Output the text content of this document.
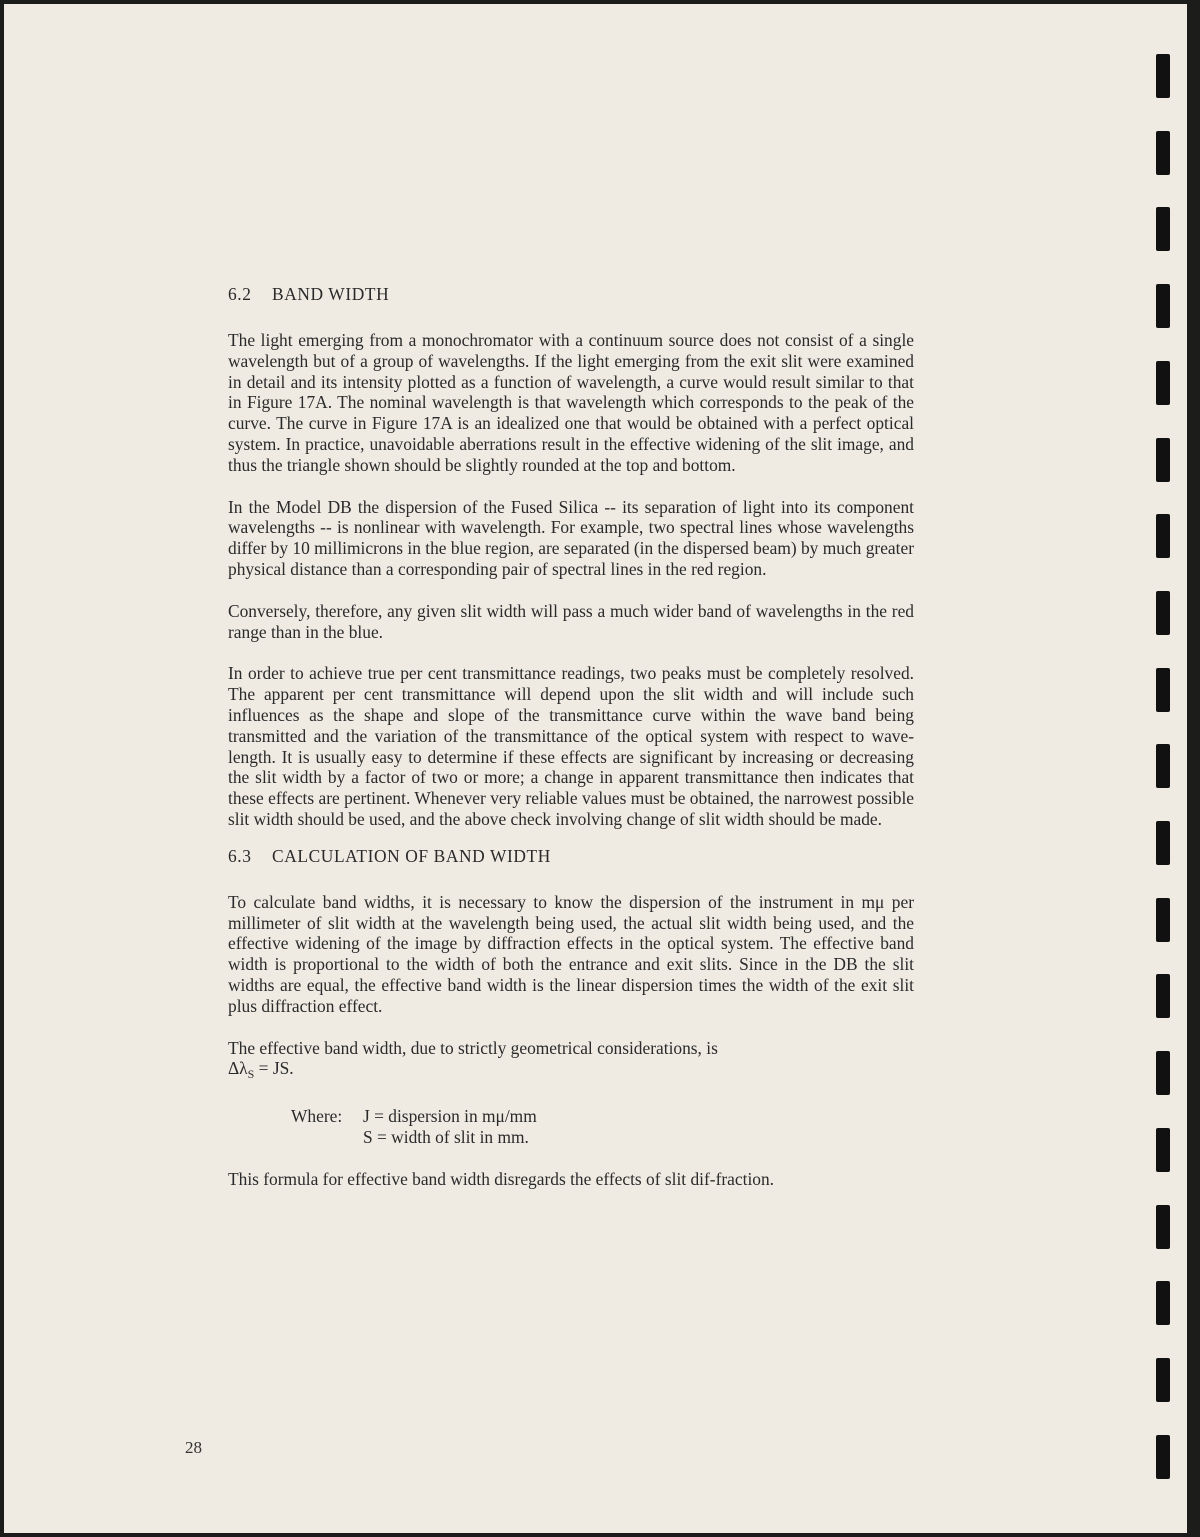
6.2 BAND WIDTH

The light emerging from a monochromator with a continuum source does not consist of a single wavelength but of a group of wavelengths. If the light emerging from the exit slit were examined in detail and its intensity plotted as a function of wavelength, a curve would result similar to that in Figure 17A. The nominal wavelength is that wavelength which corresponds to the peak of the curve. The curve in Figure 17A is an idealized one that would be obtained with a perfect optical system. In practice, unavoidable aberrations result in the effective widening of the slit image, and thus the triangle shown should be slightly rounded at the top and bottom.

In the Model DB the dispersion of the Fused Silica -- its separation of light into its component wavelengths -- is nonlinear with wavelength. For example, two spectral lines whose wavelengths differ by 10 millimicrons in the blue region, are separated (in the dispersed beam) by much greater physical distance than a corresponding pair of spectral lines in the red region.

Conversely, therefore, any given slit width will pass a much wider band of wavelengths in the red range than in the blue.

In order to achieve true per cent transmittance readings, two peaks must be completely resolved. The apparent per cent transmittance will depend upon the slit width and will include such influences as the shape and slope of the transmittance curve within the wave band being transmitted and the variation of the transmittance of the optical system with respect to wave-length. It is usually easy to determine if these effects are significant by increasing or decreasing the slit width by a factor of two or more; a change in apparent transmittance then indicates that these effects are pertinent. Whenever very reliable values must be obtained, the narrowest possible slit width should be used, and the above check involving change of slit width should be made.

6.3 CALCULATION OF BAND WIDTH

To calculate band widths, it is necessary to know the dispersion of the instrument in mμ per millimeter of slit width at the wavelength being used, the actual slit width being used, and the effective widening of the image by diffraction effects in the optical system. The effective band width is proportional to the width of both the entrance and exit slits. Since in the DB the slit widths are equal, the effective band width is the linear dispersion times the width of the exit slit plus diffraction effect.

The effective band width, due to strictly geometrical considerations, is

$\Delta\lambda_S$ = JS.
Where:	J = dispersion in mμ/mm
S = width of slit in mm.

This formula for effective band width disregards the effects of slit dif-fraction.

28
